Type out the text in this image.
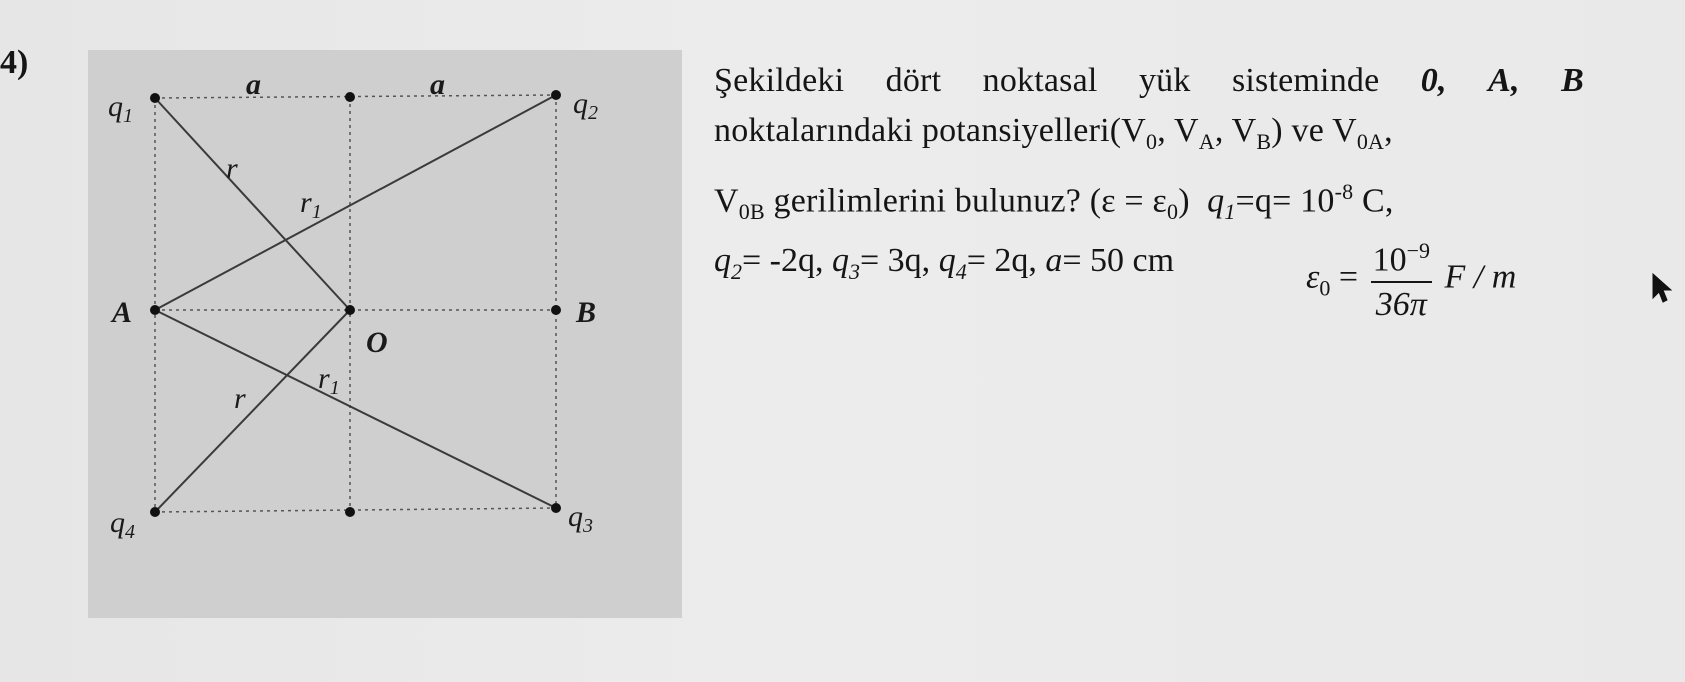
4)
$q_1$	$q_2$
$q_3$
$q_4$
A	B
O
a	a
r
$r_1$
r
$r_1$
Şekildeki dört noktasal yük sisteminde 0, A, B
noktalarındaki $potansiyelleri(V_0$, $V_A$, $V_B$) ve $V_{0A}$,
$V_{0B}$ gerilimlerini bulunuz? $(\varepsilon = \varepsilon_0)$ $q_1=q= 10^{-8}$ C,
$q_2= -2q$, $q_3= 3q$, $q_4= 2q$, a= 50 cm	$\varepsilon_0 = \frac{10^{-9}}{36\pi}$ F / m
